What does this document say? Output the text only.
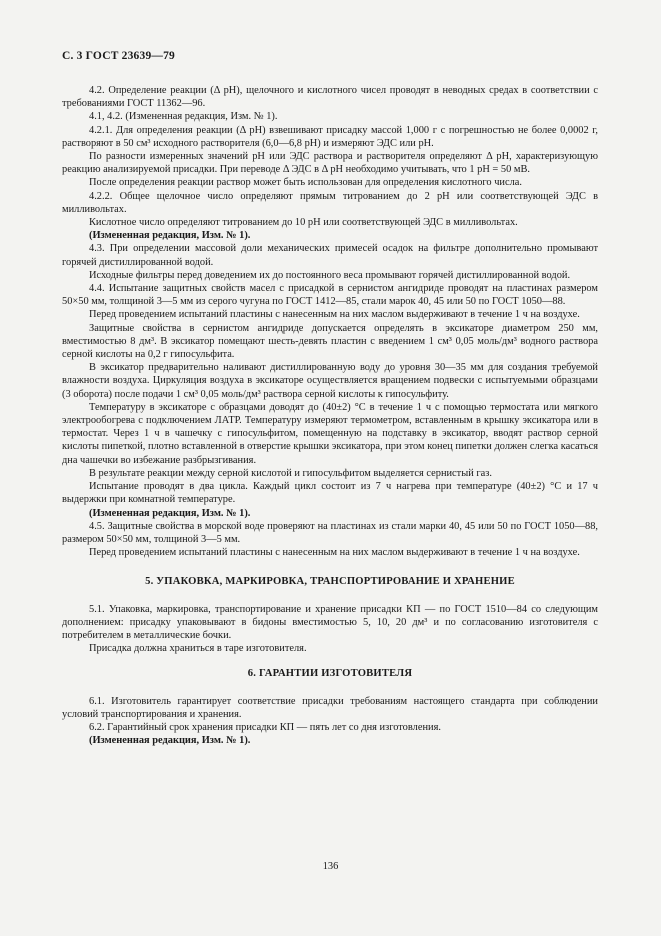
С. 3 ГОСТ 23639—79

4.2. Определение реакции (Δ рН), щелочного и кислотного чисел проводят в неводных средах в соответствии с требованиями ГОСТ 11362—96.

4.1, 4.2. (Измененная редакция, Изм. № 1).

4.2.1. Для определения реакции (Δ рН) взвешивают присадку массой 1,000 г с погрешностью не более 0,0002 г, растворяют в 50 см³ исходного растворителя (6,0—6,8 рН) и измеряют ЭДС или рН.

По разности измеренных значений рН или ЭДС раствора и растворителя определяют Δ рН, характеризующую реакцию анализируемой присадки. При переводе Δ ЭДС в Δ рН необходимо учитывать, что 1 рН = 50 мВ.

После определения реакции раствор может быть использован для определения кислотного числа.

4.2.2. Общее щелочное число определяют прямым титрованием до 2 рН или соответствующей ЭДС в милливольтах.

Кислотное число определяют титрованием до 10 рН или соответствующей ЭДС в милливольтах.

(Измененная редакция, Изм. № 1).

4.3. При определении массовой доли механических примесей осадок на фильтре дополнительно промывают горячей дистиллированной водой.

Исходные фильтры перед доведением их до постоянного веса промывают горячей дистиллированной водой.

4.4. Испытание защитных свойств масел с присадкой в сернистом ангидриде проводят на пластинах размером 50×50 мм, толщиной 3—5 мм из серого чугуна по ГОСТ 1412—85, стали марок 40, 45 или 50 по ГОСТ 1050—88.

Перед проведением испытаний пластины с нанесенным на них маслом выдерживают в течение 1 ч на воздухе.

Защитные свойства в сернистом ангидриде допускается определять в эксикаторе диаметром 250 мм, вместимостью 8 дм³. В эксикатор помещают шесть-девять пластин с введением 1 см³ 0,05 моль/дм³ водного раствора серной кислоты на 0,2 г гипосульфита.

В эксикатор предварительно наливают дистиллированную воду до уровня 30—35 мм для создания требуемой влажности воздуха. Циркуляция воздуха в эксикаторе осуществляется вращением подвески с испытуемыми образцами (3 оборота) после подачи 1 см³ 0,05 моль/дм³ раствора серной кислоты к гипосульфиту.

Температуру в эксикаторе с образцами доводят до (40±2) °С в течение 1 ч с помощью термостата или мягкого электрообогрева с подключением ЛАТР. Температуру измеряют термометром, вставленным в крышку эксикатора или в термостат. Через 1 ч в чашечку с гипосульфитом, помещенную на подставку в эксикатор, вводят раствор серной кислоты пипеткой, плотно вставленной в отверстие крышки эксикатора, при этом конец пипетки должен слегка касаться дна чашечки во избежание разбрызгивания.

В результате реакции между серной кислотой и гипосульфитом выделяется сернистый газ.

Испытание проводят в два цикла. Каждый цикл состоит из 7 ч нагрева при температуре (40±2) °С и 17 ч выдержки при комнатной температуре.

(Измененная редакция, Изм. № 1).

4.5. Защитные свойства в морской воде проверяют на пластинах из стали марки 40, 45 или 50 по ГОСТ 1050—88, размером 50×50 мм, толщиной 3—5 мм.

Перед проведением испытаний пластины с нанесенным на них маслом выдерживают в течение 1 ч на воздухе.

5. УПАКОВКА, МАРКИРОВКА, ТРАНСПОРТИРОВАНИЕ И ХРАНЕНИЕ

5.1. Упаковка, маркировка, транспортирование и хранение присадки КП — по ГОСТ 1510—84 со следующим дополнением: присадку упаковывают в бидоны вместимостью 5, 10, 20 дм³ и по согласованию изготовителя с потребителем в металлические бочки.

Присадка должна храниться в таре изготовителя.

6. ГАРАНТИИ ИЗГОТОВИТЕЛЯ

6.1. Изготовитель гарантирует соответствие присадки требованиям настоящего стандарта при соблюдении условий транспортирования и хранения.

6.2. Гарантийный срок хранения присадки КП — пять лет со дня изготовления.

(Измененная редакция, Изм. № 1).

136
